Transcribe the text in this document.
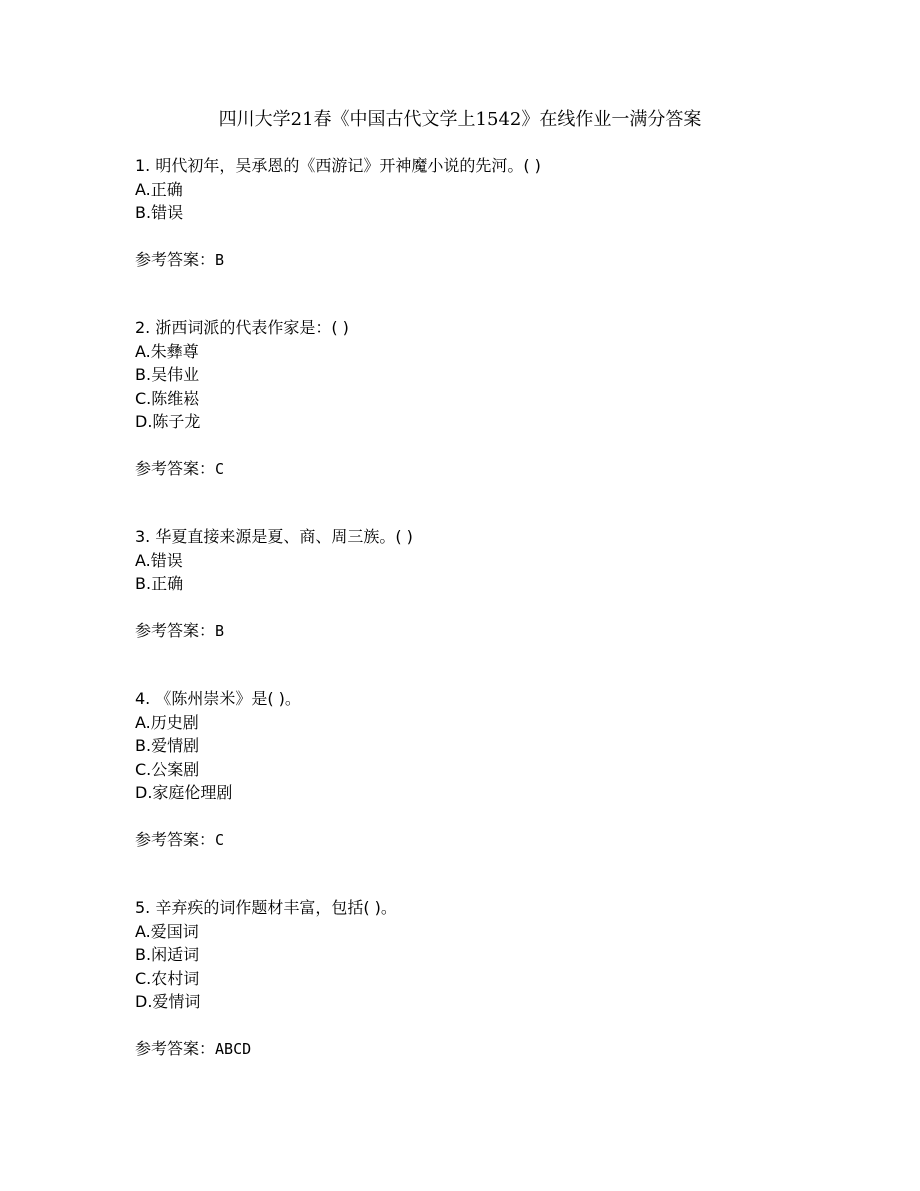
四川大学21春《中国古代文学上1542》在线作业一满分答案
1. 明代初年，吴承恩的《西游记》开神魔小说的先河。( )
A.正确
B.错误
参考答案：B
2. 浙西词派的代表作家是：( )
A.朱彝尊
B.吴伟业
C.陈维崧
D.陈子龙
参考答案：C
3. 华夏直接来源是夏、商、周三族。( )
A.错误
B.正确
参考答案：B
4. 《陈州崇米》是( )。
A.历史剧
B.爱情剧
C.公案剧
D.家庭伦理剧
参考答案：C
5. 辛弃疾的词作题材丰富，包括( )。
A.爱国词
B.闲适词
C.农村词
D.爱情词
参考答案：ABCD
